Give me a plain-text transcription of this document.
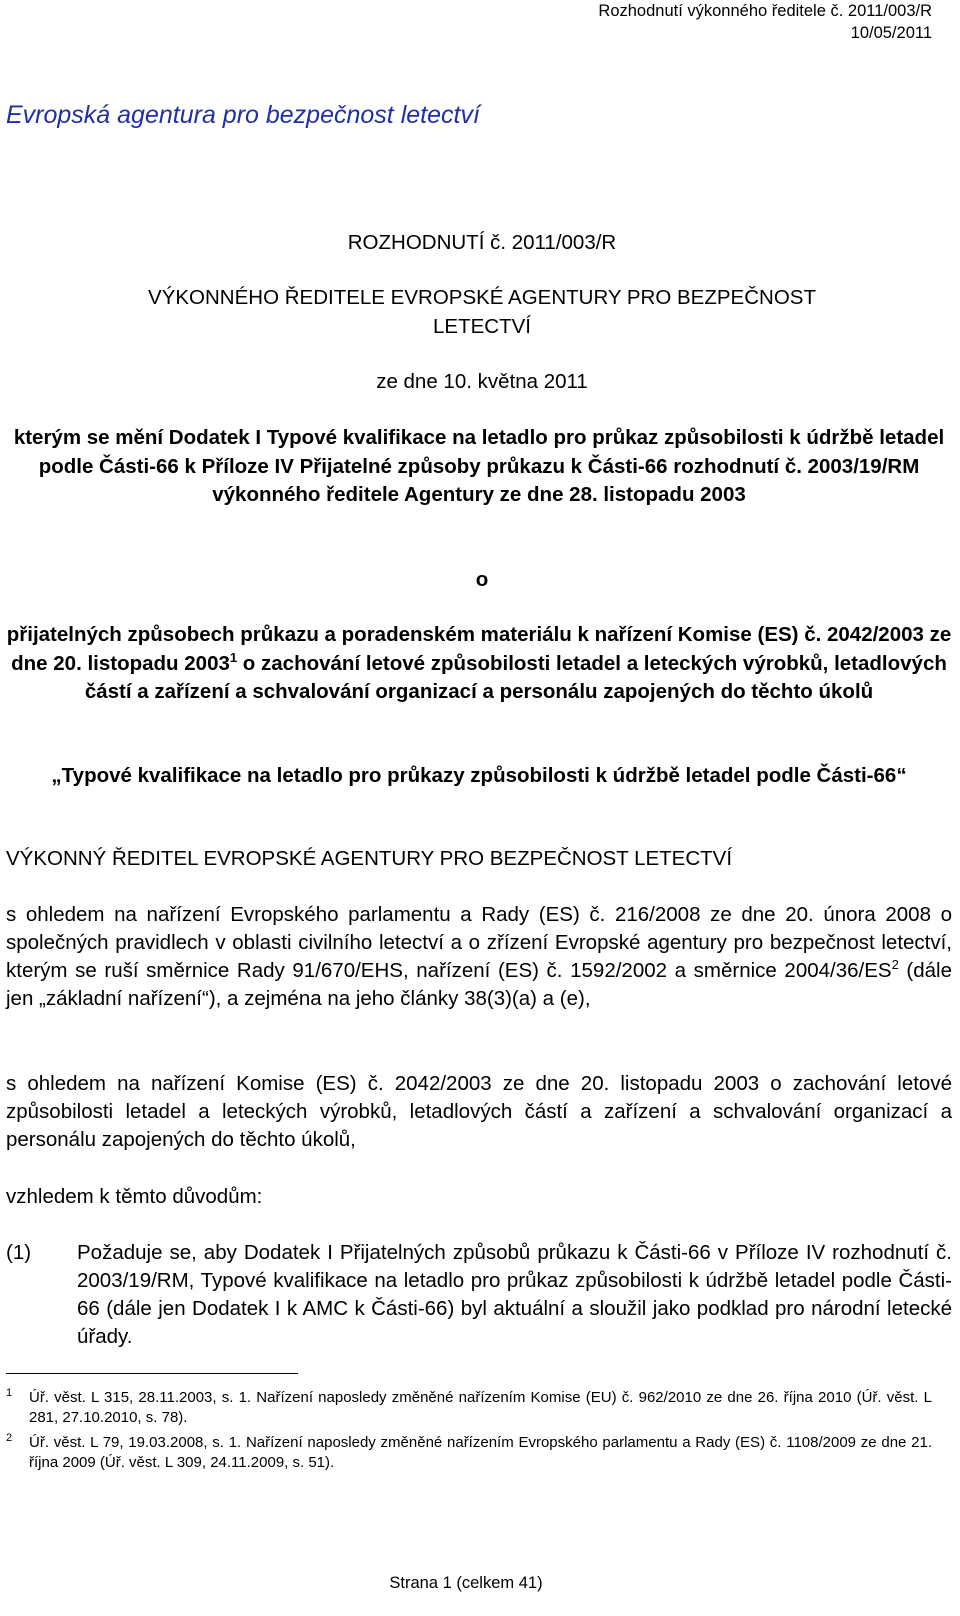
Rozhodnutí výkonného ředitele č. 2011/003/R
10/05/2011
Evropská agentura pro bezpečnost letectví
ROZHODNUTÍ č. 2011/003/R
VÝKONNÉHO ŘEDITELE EVROPSKÉ AGENTURY PRO BEZPEČNOST LETECTVÍ
ze dne 10. května 2011
kterým se mění Dodatek I Typové kvalifikace na letadlo pro průkaz způsobilosti k údržbě letadel podle Části-66 k Příloze IV Přijatelné způsoby průkazu k Části-66 rozhodnutí č. 2003/19/RM výkonného ředitele Agentury ze dne 28. listopadu 2003
o
přijatelných způsobech průkazu a poradenském materiálu k nařízení Komise (ES) č. 2042/2003 ze dne 20. listopadu 2003$^1$ o zachování letové způsobilosti letadel a leteckých výrobků, letadlových částí a zařízení a schvalování organizací a personálu zapojených do těchto úkolů
„Typové kvalifikace na letadlo pro průkazy způsobilosti k údržbě letadel podle Části-66“
VÝKONNÝ ŘEDITEL EVROPSKÉ AGENTURY PRO BEZPEČNOST LETECTVÍ
s ohledem na nařízení Evropského parlamentu a Rady (ES) č. 216/2008 ze dne 20. února 2008 o společných pravidlech v oblasti civilního letectví a o zřízení Evropské agentury pro bezpečnost letectví, kterým se ruší směrnice Rady 91/670/EHS, nařízení (ES) č. 1592/2002 a směrnice $2004/36/ES^2$ (dále jen „základní nařízení“), a zejména na jeho články 38(3)(a) a (e),
s ohledem na nařízení Komise (ES) č. 2042/2003 ze dne 20. listopadu 2003 o zachování letové způsobilosti letadel a leteckých výrobků, letadlových částí a zařízení a schvalování organizací a personálu zapojených do těchto úkolů,
vzhledem k těmto důvodům:
(1) Požaduje se, aby Dodatek I Přijatelných způsobů průkazu k Části-66 v Příloze IV rozhodnutí č. 2003/19/RM, Typové kvalifikace na letadlo pro průkaz způsobilosti k údržbě letadel podle Části-66 (dále jen Dodatek I k AMC k Části-66) byl aktuální a sloužil jako podklad pro národní letecké úřady.
1 Úř. věst. L 315, 28.11.2003, s. 1. Nařízení naposledy změněné nařízením Komise (EU) č. 962/2010 ze dne 26. října 2010 (Úř. věst. L 281, 27.10.2010, s. 78).
2 Úř. věst. L 79, 19.03.2008, s. 1. Nařízení naposledy změněné nařízením Evropského parlamentu a Rady (ES) č. 1108/2009 ze dne 21. října 2009 (Úř. věst. L 309, 24.11.2009, s. 51).
Strana 1 (celkem 41)
